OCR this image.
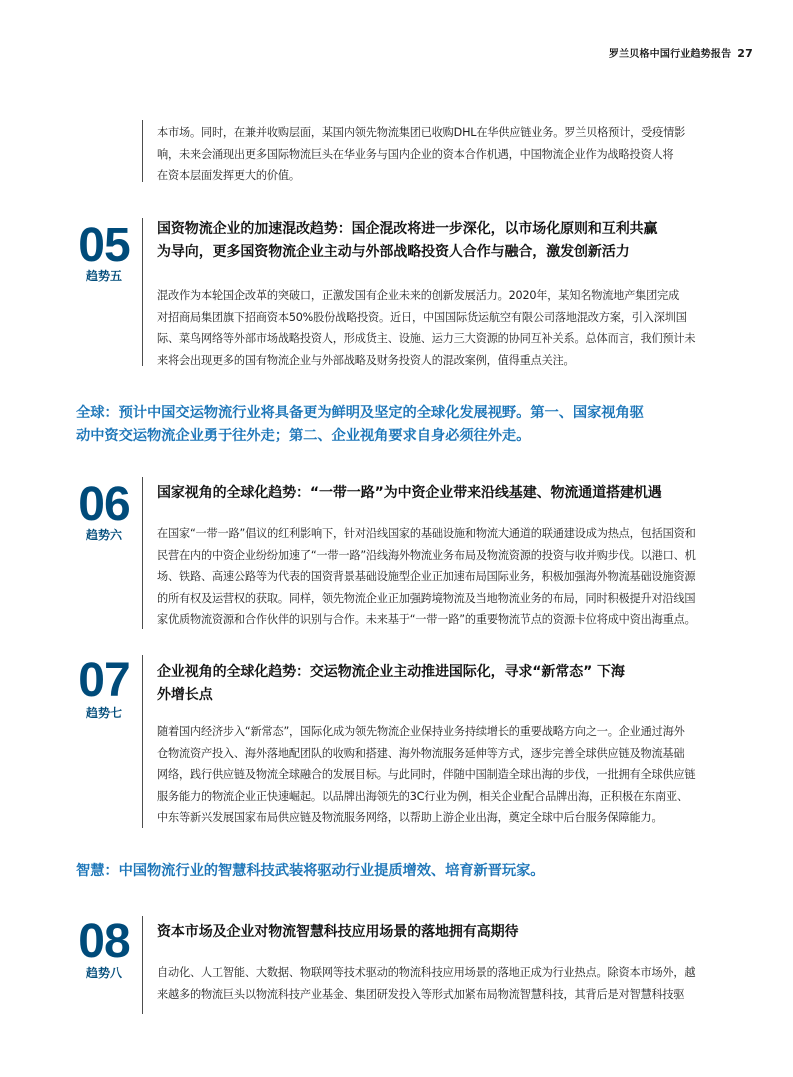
罗兰贝格中国行业趋势报告 27
本市场。同时，在兼并收购层面，某国内领先物流集团已收购DHL在华供应链业务。罗兰贝格预计，受疫情影
响，未来会涌现出更多国际物流巨头在华业务与国内企业的资本合作机遇，中国物流企业作为战略投资人将
在资本层面发挥更大的价值。
05
趋势五
国资物流企业的加速混改趋势：国企混改将进一步深化，以市场化原则和互利共赢
为导向，更多国资物流企业主动与外部战略投资人合作与融合，激发创新活力
混改作为本轮国企改革的突破口，正激发国有企业未来的创新发展活力。2020年，某知名物流地产集团完成
对招商局集团旗下招商资本50%股份战略投资。近日，中国国际货运航空有限公司落地混改方案，引入深圳国
际、菜鸟网络等外部市场战略投资人，形成货主、设施、运力三大资源的协同互补关系。总体而言，我们预计未
来将会出现更多的国有物流企业与外部战略及财务投资人的混改案例，值得重点关注。
全球：预计中国交运物流行业将具备更为鲜明及坚定的全球化发展视野。第一、国家视角驱
动中资交运物流企业勇于往外走；第二、企业视角要求自身必须往外走。
06
趋势六
国家视角的全球化趋势：“一带一路”为中资企业带来沿线基建、物流通道搭建机遇
在国家“一带一路”倡议的红利影响下，针对沿线国家的基础设施和物流大通道的联通建设成为热点，包括国资和
民营在内的中资企业纷纷加速了“一带一路”沿线海外物流业务布局及物流资源的投资与收并购步伐。以港口、机
场、铁路、高速公路等为代表的国资背景基础设施型企业正加速布局国际业务，积极加强海外物流基础设施资源
的所有权及运营权的获取。同样，领先物流企业正加强跨境物流及当地物流业务的布局，同时积极提升对沿线国
家优质物流资源和合作伙伴的识别与合作。未来基于“一带一路”的重要物流节点的资源卡位将成中资出海重点。
07
趋势七
企业视角的全球化趋势：交运物流企业主动推进国际化，寻求“新常态” 下海
外增长点
随着国内经济步入“新常态”，国际化成为领先物流企业保持业务持续增长的重要战略方向之一。企业通过海外
仓物流资产投入、海外落地配团队的收购和搭建、海外物流服务延伸等方式，逐步完善全球供应链及物流基础
网络，践行供应链及物流全球融合的发展目标。与此同时，伴随中国制造全球出海的步伐，一批拥有全球供应链
服务能力的物流企业正快速崛起。以品牌出海领先的3C行业为例，相关企业配合品牌出海，正积极在东南亚、
中东等新兴发展国家布局供应链及物流服务网络，以帮助上游企业出海，奠定全球中后台服务保障能力。
智慧：中国物流行业的智慧科技武装将驱动行业提质增效、培育新晋玩家。
08
趋势八
资本市场及企业对物流智慧科技应用场景的落地拥有高期待
自动化、人工智能、大数据、物联网等技术驱动的物流科技应用场景的落地正成为行业热点。除资本市场外，越
来越多的物流巨头以物流科技产业基金、集团研发投入等形式加紧布局物流智慧科技，其背后是对智慧科技驱
